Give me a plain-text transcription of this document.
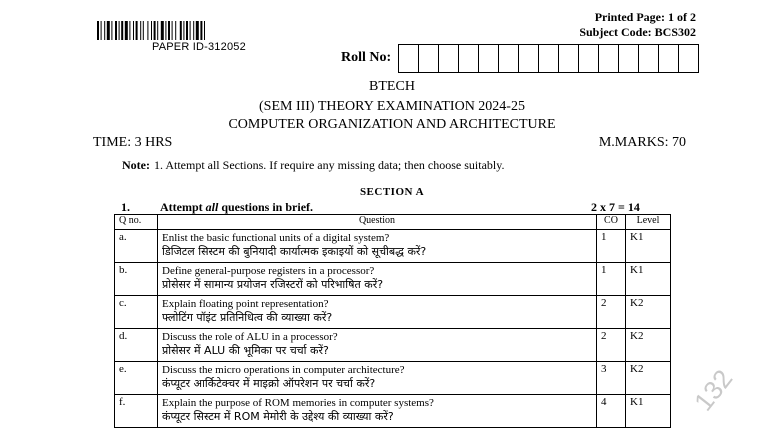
PAPER ID-312052
Printed Page: 1 of 2
Subject Code: BCS302
Roll No:
BTECH
(SEM III) THEORY EXAMINATION 2024-25
COMPUTER ORGANIZATION AND ARCHITECTURE
TIME: 3 HRS	M.MARKS: 70
Note: 1. Attempt all Sections. If require any missing data; then choose suitably.
SECTION A
1.	Attempt all questions in brief.	2 x 7 = 14
Q no.	Question	CO	Level
a.	Enlist the basic functional units of a digital system?
डिजिटल सिस्टम की बुनियादी कार्यात्मक इकाइयों को सूचीबद्ध करें?	1	K1
b.	Define general-purpose registers in a processor?
प्रोसेसर में सामान्य प्रयोजन रजिस्टरों को परिभाषित करें?	1	K1
c.	Explain floating point representation?
फ्लोटिंग पॉइंट प्रतिनिधित्व की व्याख्या करें?	2	K2
d.	Discuss the role of ALU in a processor?
प्रोसेसर में ALU की भूमिका पर चर्चा करें?	2	K2
e.	Discuss the micro operations in computer architecture?
कंप्यूटर आर्किटेक्चर में माइक्रो ऑपरेशन पर चर्चा करें?	3	K2
f.	Explain the purpose of ROM memories in computer systems?
कंप्यूटर सिस्टम में ROM मेमोरी के उद्देश्य की व्याख्या करें?	4	K1 132
